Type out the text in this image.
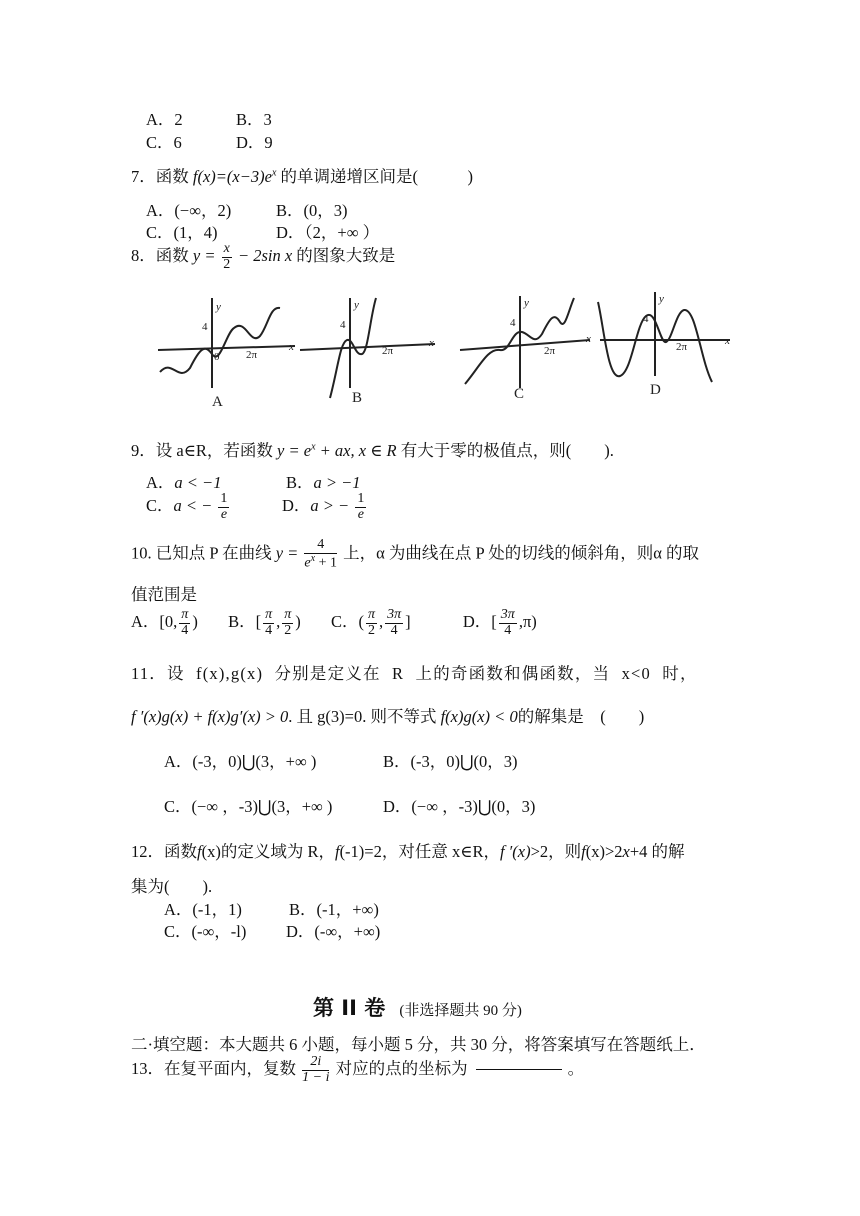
A．2	B．3
C．6	D．9
7．函数 $f(x)=(x-3)e^x$ 的单调递增区间是(　　　)
A．(−∞，2)	B．(0，3)
C．(1，4)	D．（2，+∞ ）
8．函数 $y = \frac{x}{2} - 2\sin$ x 的图象大致是
y
4
0 2π
x
y
4
2π
x
y
4
2π
x
y
4
2π	x
A	B	C	D
9．设 a∈R，若函数 $y = e^x$ + ax, x ∈ R 有大于零的极值点，则(　　).
A．a < −1	B．a > −1
C．a < − $\frac{1}{e}$	D．a > − $\frac{1}{e}$
10. 已知点 P 在曲线 $y = \frac{4}{e^x + 1}$ 上，α 为曲线在点 P 处的切线的倾斜角，则α 的取
值范围是
A．[0, $\frac{\pi}{4}$ ) B．[ $\frac{\pi}{4}$ , $\frac{\pi}{2}$ ) C．( $\frac{\pi}{2}$ , $\frac{3\pi}{4}$ ]	D．[ $\frac{3\pi}{4} ,\pi$)
11．设 f(x),g(x) 分别是定义在 R 上的奇函数和偶函数，当 x<0 时，
f ′(x)g(x) + f(x)g′(x) > 0. 且 g(3)=0. 则不等式 f(x)g(x) < 0的解集是　(　　)
A．(-3，0)⋃(3，+∞ )	B．(-3，0)⋃(0，3)
C．(−∞ ，-3)⋃(3，+∞ )	D．(−∞ ，-3)⋃(0，3)
12．函数f(x)的定义域为 R，f(-1)=2，对任意 x∈R，f ′(x)>2，则f(x)>2x+4 的解
集为(　　).
A．(-1，1)	B．(-1，+∞)
C．(-∞，-l) D．(-∞，+∞)
第 II 卷 (非选择题共 90 分)
二·填空题：本大题共 6 小题，每小题 5 分，共 30 分，将答案填写在答题纸上．
13．在复平面内，复数 $\frac{2i}{1 - i}$ 对应的点的坐标为	。
